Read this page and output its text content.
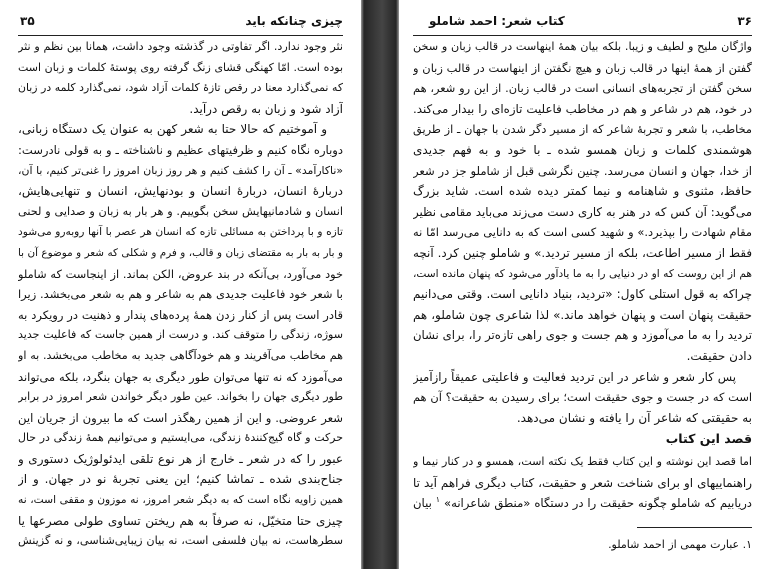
۳۵	چیزی چنانکه باید
نثر وجود ندارد. اگر تفاوتی در گذشته وجود داشت، همانا بین نظم و نثر
بوده است. امّا کهنگی قشای زنگ گرفته روی پوستهٔ کلمات و زبان است
که نمی‌گذارد معنا در رقص تازهٔ کلمات آزاد شود، نمی‌گذارد کلمه در زبان
آزاد شود و زبان به رقص درآید.
و آموختیم که حالا حتا به شعر کهن به عنوان یک دستگاه زبانی،
دوباره نگاه کنیم و ظرفیتهای عظیم و ناشناخته ـ و به قولی نادرست:
«ناکارآمد» ـ آن را کشف کنیم و هر روز زبان امروز را غنی‌تر کنیم، با آن،
دربارهٔ انسان، دربارهٔ انسان و بودنهایش، انسان و تنهایی‌هایش،
انسان و شادمانیهایش سخن بگوییم. و هر بار به زبان و صدایی و لحنی
تازه و با پرداختن به مسائلی تازه که انسان هر عصر با آنها روبه‌رو می‌شود
و بار به بار به مقتضای زبان و قالب، و فرم و شکلی که شعر و موضوع آن با
خود می‌آورد، بی‌آنکه در بند عروض، الکن بماند. از اینجاست که شاملو
با شعر خود فاعلیت جدیدی هم به شاعر و هم به شعر می‌بخشد. زیرا
قادر است پس از کنار زدن همهٔ پرده‌های پندار و ذهنیت در رویکرد به
سوژه، زندگی را متوقف کند. و درست از همین جاست که فاعلیت جدید
هم مخاطب می‌آفریند و هم خودآگاهی جدید به مخاطب می‌بخشد. به او
می‌آموزد که نه تنها می‌توان طور دیگری به جهان بنگرد، بلکه می‌تواند
طور دیگری جهان را بخواند. عین طور دیگر خواندن شعر امروز در برابر
شعر عروضی. و این از همین رهگذر است که ما بیرون از جریان این
حرکت و گاه گیج‌کنندهٔ زندگی، می‌ایستیم و می‌توانیم همهٔ زندگی در حال
عبور را که در شعر ـ خارج از هر نوع تلقی ایدئولوژیک دستوری و
جناح‌بندی شده ـ تماشا کنیم؛ این یعنی تجربهٔ نو در جهان. و از
همین زاویه نگاه است که به دیگر شعر امروز، نه موزون و مقفی است، نه
چیزی حتا متخیّل، نه صرفاً به هم ریختن تساوی طولی مصرعها یا
سطرهاست، نه بیان فلسفی است، نه بیان زیبایی‌شناسی، و نه گزینش
۳۶
کتاب شعر: احمد شاملو
واژگان ملیح و لطیف و زیبا. بلکه بیان همهٔ اینهاست در قالب زبان و سخن
گفتن از همهٔ اینها در قالب زبان و هیچ نگفتن از اینهاست در قالب زبان و
سخن گفتن از تجربه‌های انسانی است در قالب زبان. از این رو شعر، هم
در خود، هم در شاعر و هم در مخاطب فاعلیت تازه‌ای را بیدار می‌کند.
مخاطب، با شعر و تجربهٔ شاعر که از مسیر دگر شدن با جهان ـ از طریق
هوشمندی کلمات و زبان همسو شده ـ با خود و به فهم جدیدی
از خدا، جهان و انسان می‌رسد. چنین نگرشی قبل از شاملو جز در شعر
حافظ، مثنوی و شاهنامه و نیما کمتر دیده شده است. شاید بزرگ
می‌گوید: آن کس که در هنر به کاری دست می‌زند می‌باید مقامی نظیر
مقام شهادت را بپذیرد.» و شهید کسی است که به دانایی می‌رسد امّا نه
فقط از مسیر اطاعت، بلکه از مسیر تردید.» و شاملو چنین کرد. آنچه
هم از این روست که او در دنیایی را به ما یادآور می‌شود که پنهان مانده است،
چراکه به قول استلی کاول: «تردید، بنیاد دانایی است. وقتی می‌دانیم
حقیقت پنهان است و پنهان خواهد ماند.» لذا شاعری چون شاملو، هم
تردید را به ما می‌آموزد و هم جست و جوی راهی تازه‌تر را، برای نشان
دادن حقیقت.
پس کار شعر و شاعر در این تردید فعالیت و فاعلیتی عمیقاً رازآمیز
است که در جست و جوی حقیقت است؛ برای رسیدن به حقیقت؟ آن هم
به حقیقتی که شاعر آن را یافته و نشان می‌دهد.
قصد این کتاب
اما قصد این نوشته و این کتاب فقط یک نکته است، همسو و در کنار نیما و
راهنماییهای او برای شناخت شعر و حقیقت، کتاب دیگری فراهم آید تا
دریابیم که شاملو چگونه حقیقت را در دستگاه «منطق شاعرانه» $^۱$ بیان
۱. عبارت مهمی از احمد شاملو.
